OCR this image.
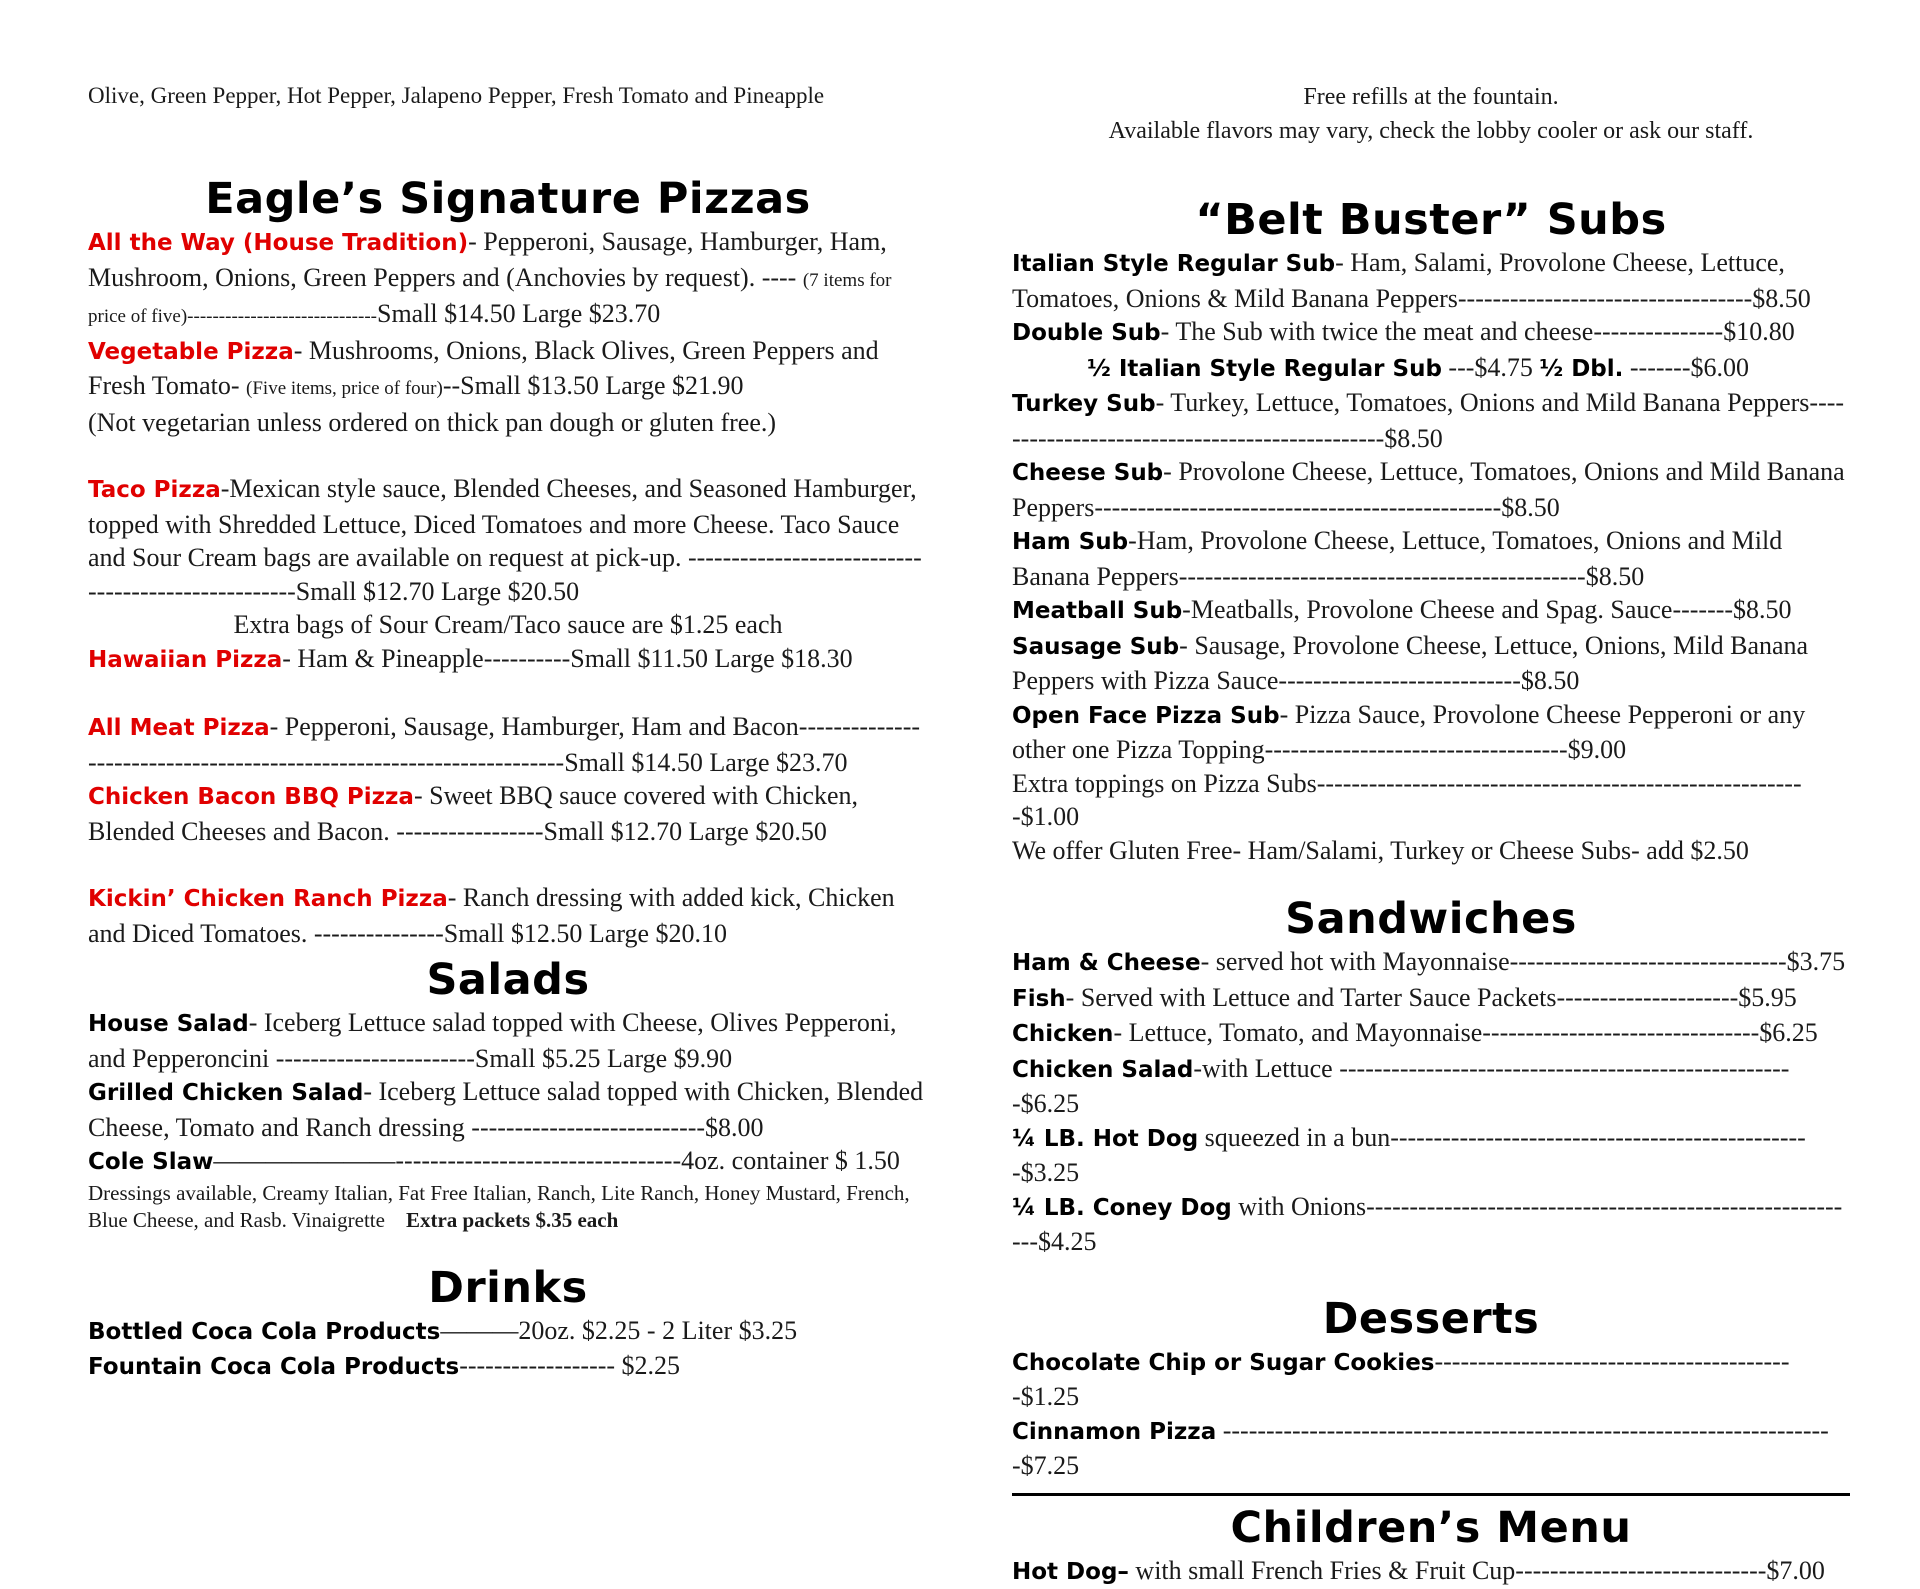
Olive, Green Pepper, Hot Pepper, Jalapeno Pepper, Fresh Tomato and Pineapple

Eagle’s Signature Pizzas

All the Way (House Tradition)- Pepperoni, Sausage, Hamburger, Ham, Mushroom, Onions, Green Peppers and (Anchovies by request). ---- (7 items for price of five)------------------------------Small $14.50 Large $23.70

Vegetable Pizza- Mushrooms, Onions, Black Olives, Green Peppers and Fresh Tomato- (Five items, price of four)--Small $13.50 Large $21.90

(Not vegetarian unless ordered on thick pan dough or gluten free.)

Taco Pizza-Mexican style sauce, Blended Cheeses, and Seasoned Hamburger, topped with Shredded Lettuce, Diced Tomatoes and more Cheese. Taco Sauce and Sour Cream bags are available on request at pick-up. ---------------------------------------------------Small $12.70 Large $20.50

Extra bags of Sour Cream/Taco sauce are $1.25 each

Hawaiian Pizza- Ham & Pineapple----------Small $11.50 Large $18.30

All Meat Pizza- Pepperoni, Sausage, Hamburger, Ham and Bacon---------------------------------------------------------------------Small $14.50 Large $23.70

Chicken Bacon BBQ Pizza- Sweet BBQ sauce covered with Chicken, Blended Cheeses and Bacon. -----------------Small $12.70 Large $20.50

Kickin’ Chicken Ranch Pizza- Ranch dressing with added kick, Chicken and Diced Tomatoes. ---------------Small $12.50 Large $20.10

Salads

House Salad- Iceberg Lettuce salad topped with Cheese, Olives Pepperoni, and Pepperoncini -----------------------Small $5.25 Large $9.90

Grilled Chicken Salad- Iceberg Lettuce salad topped with Chicken, Blended Cheese, Tomato and Ranch dressing ---------------------------$8.00

Cole Slaw———————---------------------------------4oz. container $ 1.50

Dressings available, Creamy Italian, Fat Free Italian, Ranch, Lite Ranch, Honey Mustard, French, Blue Cheese, and Rasb. Vinaigrette Extra packets $.35 each

Drinks

Bottled Coca Cola Products———20oz. $2.25 - 2 Liter $3.25

Fountain Coca Cola Products------------------ $2.25

Free refills at the fountain.

Available flavors may vary, check the lobby cooler or ask our staff.

“Belt Buster” Subs

Italian Style Regular Sub- Ham, Salami, Provolone Cheese, Lettuce, Tomatoes, Onions & Mild Banana Peppers----------------------------------$8.50

Double Sub- The Sub with twice the meat and cheese---------------$10.80

½ Italian Style Regular Sub ---$4.75 ½ Dbl. -------$6.00

Turkey Sub- Turkey, Lettuce, Tomatoes, Onions and Mild Banana Peppers-----------------------------------------------$8.50

Cheese Sub- Provolone Cheese, Lettuce, Tomatoes, Onions and Mild Banana Peppers-----------------------------------------------$8.50

Ham Sub-Ham, Provolone Cheese, Lettuce, Tomatoes, Onions and Mild Banana Peppers-----------------------------------------------$8.50

Meatball Sub-Meatballs, Provolone Cheese and Spag. Sauce-------$8.50

Sausage Sub- Sausage, Provolone Cheese, Lettuce, Onions, Mild Banana Peppers with Pizza Sauce----------------------------$8.50

Open Face Pizza Sub- Pizza Sauce, Provolone Cheese Pepperoni or any other one Pizza Topping-----------------------------------$9.00

Extra toppings on Pizza Subs---------------------------------------------------------$1.00

We offer Gluten Free- Ham/Salami, Turkey or Cheese Subs- add $2.50

Sandwiches

Ham & Cheese- served hot with Mayonnaise--------------------------------$3.75

Fish- Served with Lettuce and Tarter Sauce Packets---------------------$5.95

Chicken- Lettuce, Tomato, and Mayonnaise--------------------------------$6.25

Chicken Salad-with Lettuce -----------------------------------------------------$6.25

¼ LB. Hot Dog squeezed in a bun-------------------------------------------------$3.25

¼ LB. Coney Dog with Onions----------------------------------------------------------$4.25

Desserts

Chocolate Chip or Sugar Cookies------------------------------------------$1.25

Cinnamon Pizza -----------------------------------------------------------------------$7.25

Children’s Menu

Hot Dog– with small French Fries & Fruit Cup-----------------------------$7.00
